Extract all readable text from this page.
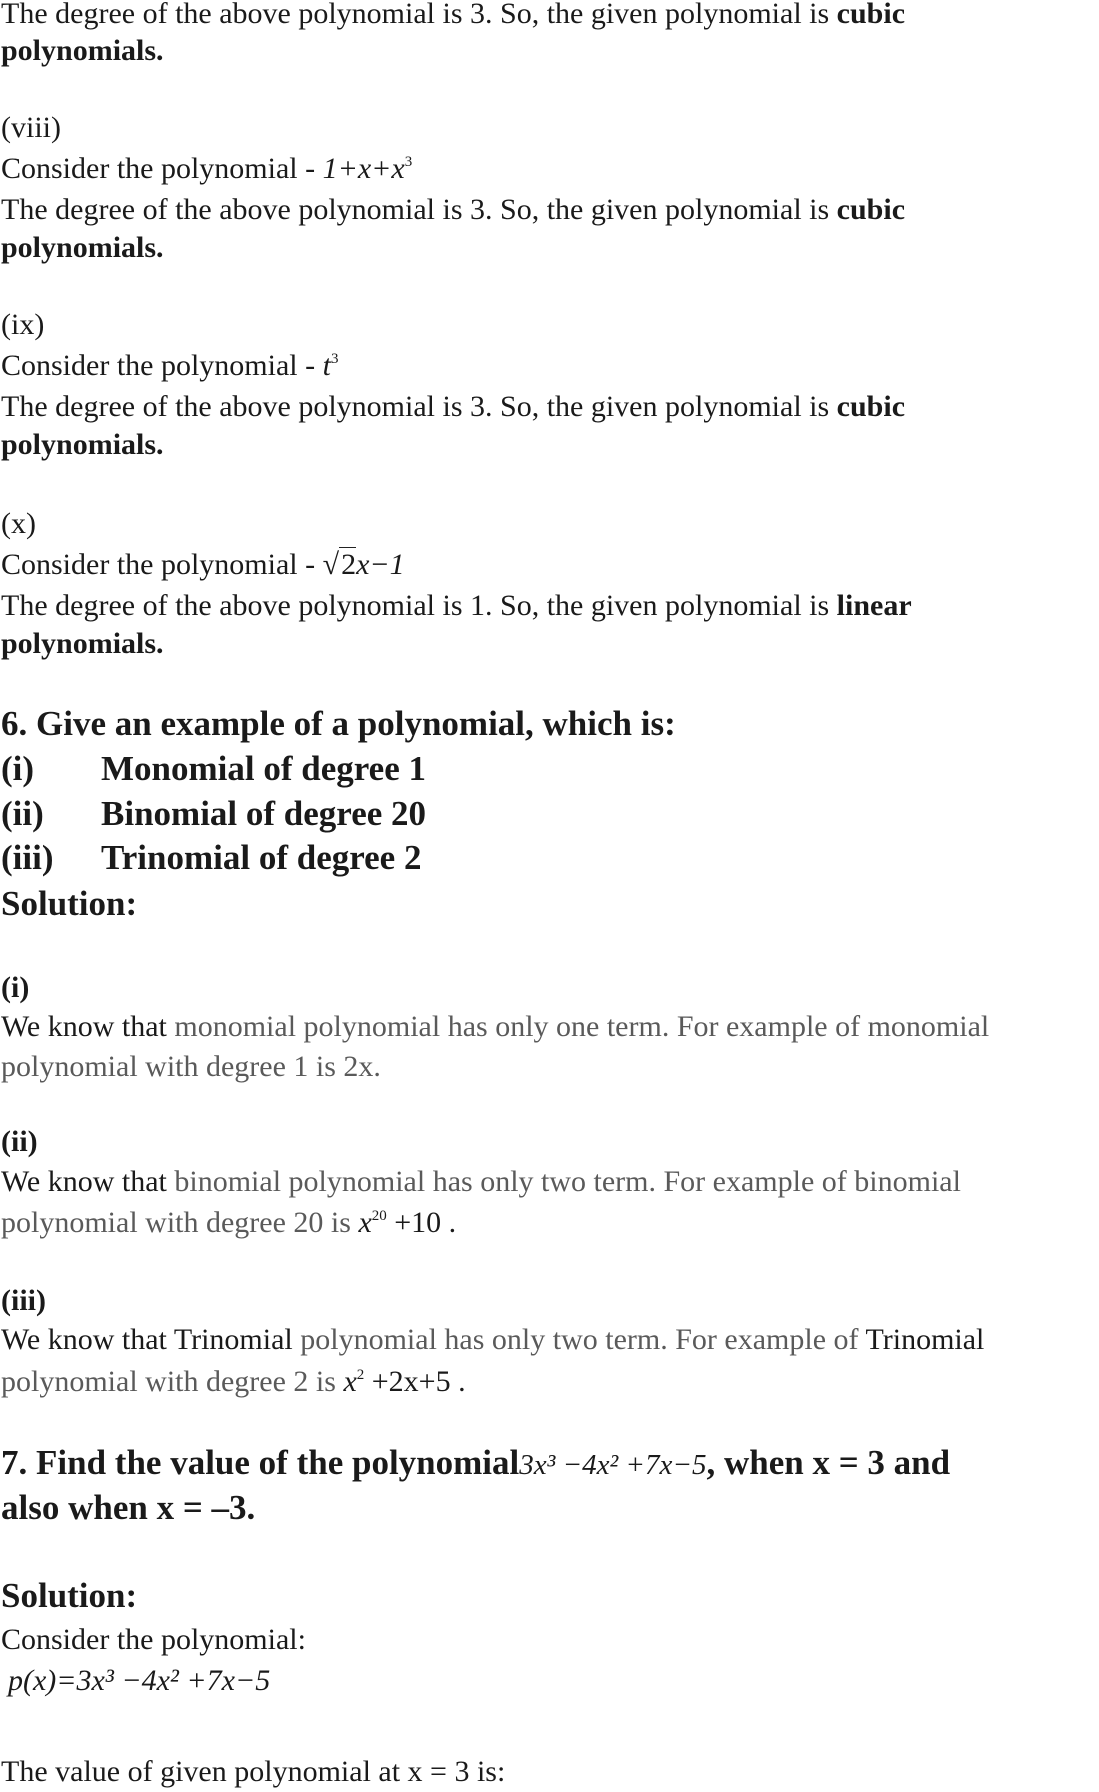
The degree of the above polynomial is 3. So, the given polynomial is cubic
polynomials.
(viii)
Consider the polynomial - $1+x+x^3$
The degree of the above polynomial is 3. So, the given polynomial is cubic
polynomials.
(ix)
Consider the polynomial - $t^3$
The degree of the above polynomial is 3. So, the given polynomial is cubic
polynomials.
(x)
Consider the polynomial - √2x−1
The degree of the above polynomial is 1. So, the given polynomial is linear
polynomials.
6. Give an example of a polynomial, which is:
(i) Monomial of degree 1
(ii) Binomial of degree 20
(iii) Trinomial of degree 2
Solution:
(i)
We know that monomial polynomial has only one term. For example of monomial
polynomial with degree 1 is 2x.
(ii)
We know that binomial polynomial has only two term. For example of binomial
polynomial with degree 20 is $x^{20} +10$ .
(iii)
We know that Trinomial polynomial has only two term. For example of Trinomial
polynomial with degree 2 is $x^2 +2x+5$ .
7. Find the value of the polynomial3x³ −4x² +7x−5, when x = 3 and
also when x = –3.
Solution:
Consider the polynomial:
p(x)=3x³ −4x² +7x−5
The value of given polynomial at x = 3 is:
